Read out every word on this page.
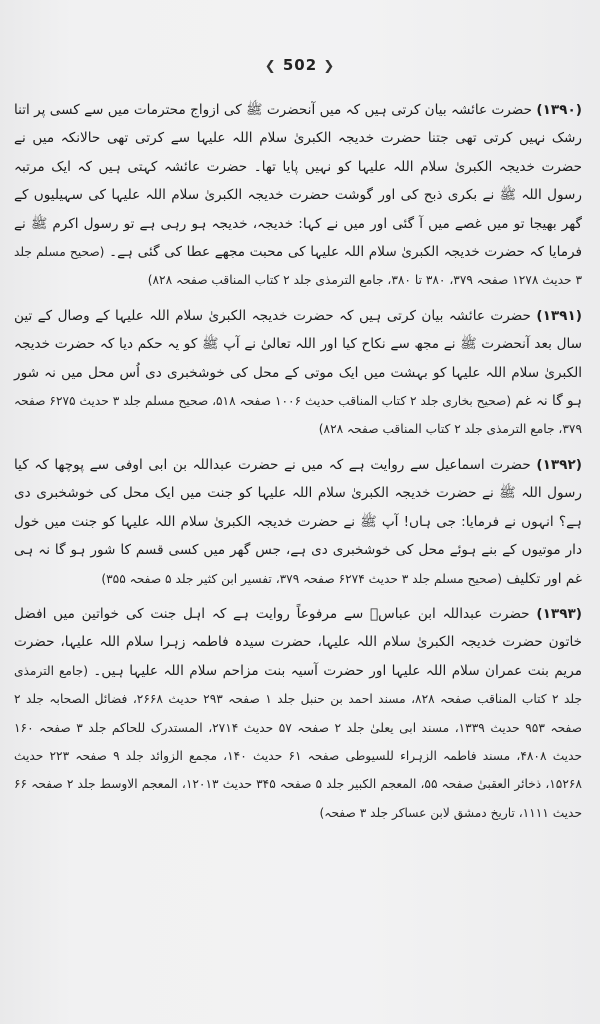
❮ 502 ❯
(۱۳۹۰)

حضرت عائشہ بیان کرتی ہیں کہ میں آنحضرت ﷺ کی ازواج محترمات میں سے کسی پر اتنا رشک نہیں کرتی تھی جتنا حضرت خدیجہ الکبریٰ سلام اللہ علیہا سے کرتی تھی حالانکہ میں نے حضرت خدیجہ الکبریٰ سلام اللہ علیہا کو نہیں پایا تھا۔ حضرت عائشہ کہتی ہیں کہ ایک مرتبہ رسول اللہ ﷺ نے بکری ذبح کی اور گوشت حضرت خدیجہ الکبریٰ سلام اللہ علیہا کی سہیلیوں کے گھر بھیجا تو میں غصے میں آ گئی اور میں نے کہا: خدیجہ، خدیجہ ہو رہی ہے تو رسول اکرم ﷺ نے فرمایا کہ حضرت خدیجہ الکبریٰ سلام اللہ علیہا کی محبت مجھے عطا کی گئی ہے۔

(صحیح مسلم جلد ۳ حدیث ۱۲۷۸ صفحہ ۳۷۹، ۳۸۰ تا ۳۸۰، جامع الترمذی جلد ۲ کتاب المناقب صفحہ ۸۲۸)
(۱۳۹۱)

حضرت عائشہ بیان کرتی ہیں کہ حضرت خدیجہ الکبریٰ سلام اللہ علیہا کے وصال کے تین سال بعد آنحضرت ﷺ نے مجھ سے نکاح کیا اور اللہ تعالیٰ نے آپ ﷺ کو یہ حکم دیا کہ حضرت خدیجہ الکبریٰ سلام اللہ علیہا کو بہشت میں ایک موتی کے محل کی خوشخبری دی اُس محل میں نہ شور ہو گا نہ غم

(صحیح بخاری جلد ۲ کتاب المناقب حدیث ۱۰۰۶ صفحہ ۵۱۸، صحیح مسلم جلد ۳ حدیث ۶۲۷۵ صفحہ ۳۷۹، جامع الترمذی جلد ۲ کتاب المناقب صفحہ ۸۲۸)
(۱۳۹۲)

حضرت اسماعیل سے روایت ہے کہ میں نے حضرت عبداللہ بن ابی اوفی سے پوچھا کہ کیا رسول اللہ ﷺ نے حضرت خدیجہ الکبریٰ سلام اللہ علیہا کو جنت میں ایک محل کی خوشخبری دی ہے؟ انہوں نے فرمایا: جی ہاں! آپ ﷺ نے حضرت خدیجہ الکبریٰ سلام اللہ علیہا کو جنت میں خول دار موتیوں کے بنے ہوئے محل کی خوشخبری دی ہے، جس گھر میں کسی قسم کا شور ہو گا نہ ہی غم اور تکلیف

(صحیح مسلم جلد ۳ حدیث ۶۲۷۴ صفحہ ۳۷۹، تفسیر ابن کثیر جلد ۵ صفحہ ۳۵۵)
(۱۳۹۳)

حضرت عبداللہ ابن عباسؓ سے مرفوعاً روایت ہے کہ اہل جنت کی خواتین میں افضل خاتون حضرت خدیجہ الکبریٰ سلام اللہ علیہا، حضرت سیدہ فاطمہ زہرا سلام اللہ علیہا، حضرت مریم بنت عمران سلام اللہ علیہا اور حضرت آسیہ بنت مزاحم سلام اللہ علیہا ہیں۔

(جامع الترمذی جلد ۲ کتاب المناقب صفحہ ۸۲۸، مسند احمد بن حنبل جلد ۱ صفحہ ۲۹۳ حدیث ۲۶۶۸، فضائل الصحابہ جلد ۲ صفحہ ۹۵۳ حدیث ۱۳۳۹، مسند ابی یعلیٰ جلد ۲ صفحہ ۵۷ حدیث ۲۷۱۴، المستدرک للحاکم جلد ۳ صفحہ ۱۶۰ حدیث ۴۸۰۸، مسند فاطمہ الزہراء للسیوطی صفحہ ۶۱ حدیث ۱۴۰، مجمع الزوائد جلد ۹ صفحہ ۲۲۳ حدیث ۱۵۲۶۸، ذخائر العقبیٰ صفحہ ۵۵، المعجم الکبیر جلد ۵ صفحہ ۳۴۵ حدیث ۱۲۰۱۳، المعجم الاوسط جلد ۲ صفحہ ۶۶ حدیث ۱۱۱۱، تاریخ دمشق لابن عساکر جلد ۳ صفحہ)
